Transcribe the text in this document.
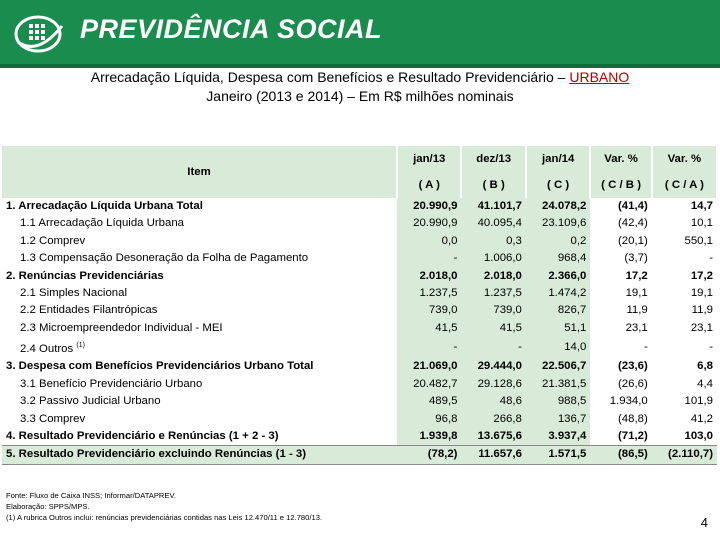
PREVIDÊNCIA SOCIAL
Arrecadação Líquida, Despesa com Benefícios e Resultado Previdenciário – URBANO
Janeiro (2013 e 2014) – Em R$ milhões nominais
Item	jan/13	dez/13	jan/14	Var. %	Var. %
	( A )	( B )	( C )	( C / B )	( C / A )
1. Arrecadação Líquida Urbana Total	20.990,9	41.101,7	24.078,2	(41,4)	14,7
1.1 Arrecadação Líquida Urbana	20.990,9	40.095,4	23.109,6	(42,4)	10,1
1.2 Comprev	0,0	0,3	0,2	(20,1)	550,1
1.3 Compensação Desoneração da Folha de Pagamento	-	1.006,0	968,4	(3,7)	-
2. Renúncias Previdenciárias	2.018,0	2.018,0	2.366,0	17,2	17,2
2.1 Simples Nacional	1.237,5	1.237,5	1.474,2	19,1	19,1
2.2 Entidades Filantrópicas	739,0	739,0	826,7	11,9	11,9
2.3 Microempreendedor Individual - MEI	41,5	41,5	51,1	23,1	23,1
2.4 Outros $^{(1)}$	-	-	14,0	-	-
3. Despesa com Benefícios Previdenciários Urbano Total	21.069,0	29.444,0	22.506,7	(23,6)	6,8
3.1 Benefício Previdenciário Urbano	20.482,7	29.128,6	21.381,5	(26,6)	4,4
3.2 Passivo Judicial Urbano	489,5	48,6	988,5	1.934,0	101,9
3.3 Comprev	96,8	266,8	136,7	(48,8)	41,2
4. Resultado Previdenciário e Renúncias (1 + 2 - 3)	1.939,8	13.675,6	3.937,4	(71,2)	103,0
5. Resultado Previdenciário excluindo Renúncias (1 - 3)	(78,2)	11.657,6	1.571,5	(86,5)	(2.110,7)
Fonte: Fluxo de Caixa INSS; Informar/DATAPREV.
Elaboração: SPPS/MPS.
(1) A rubrica Outros inclui: renúncias previdenciárias contidas nas Leis 12.470/11 e 12.780/13.	4
